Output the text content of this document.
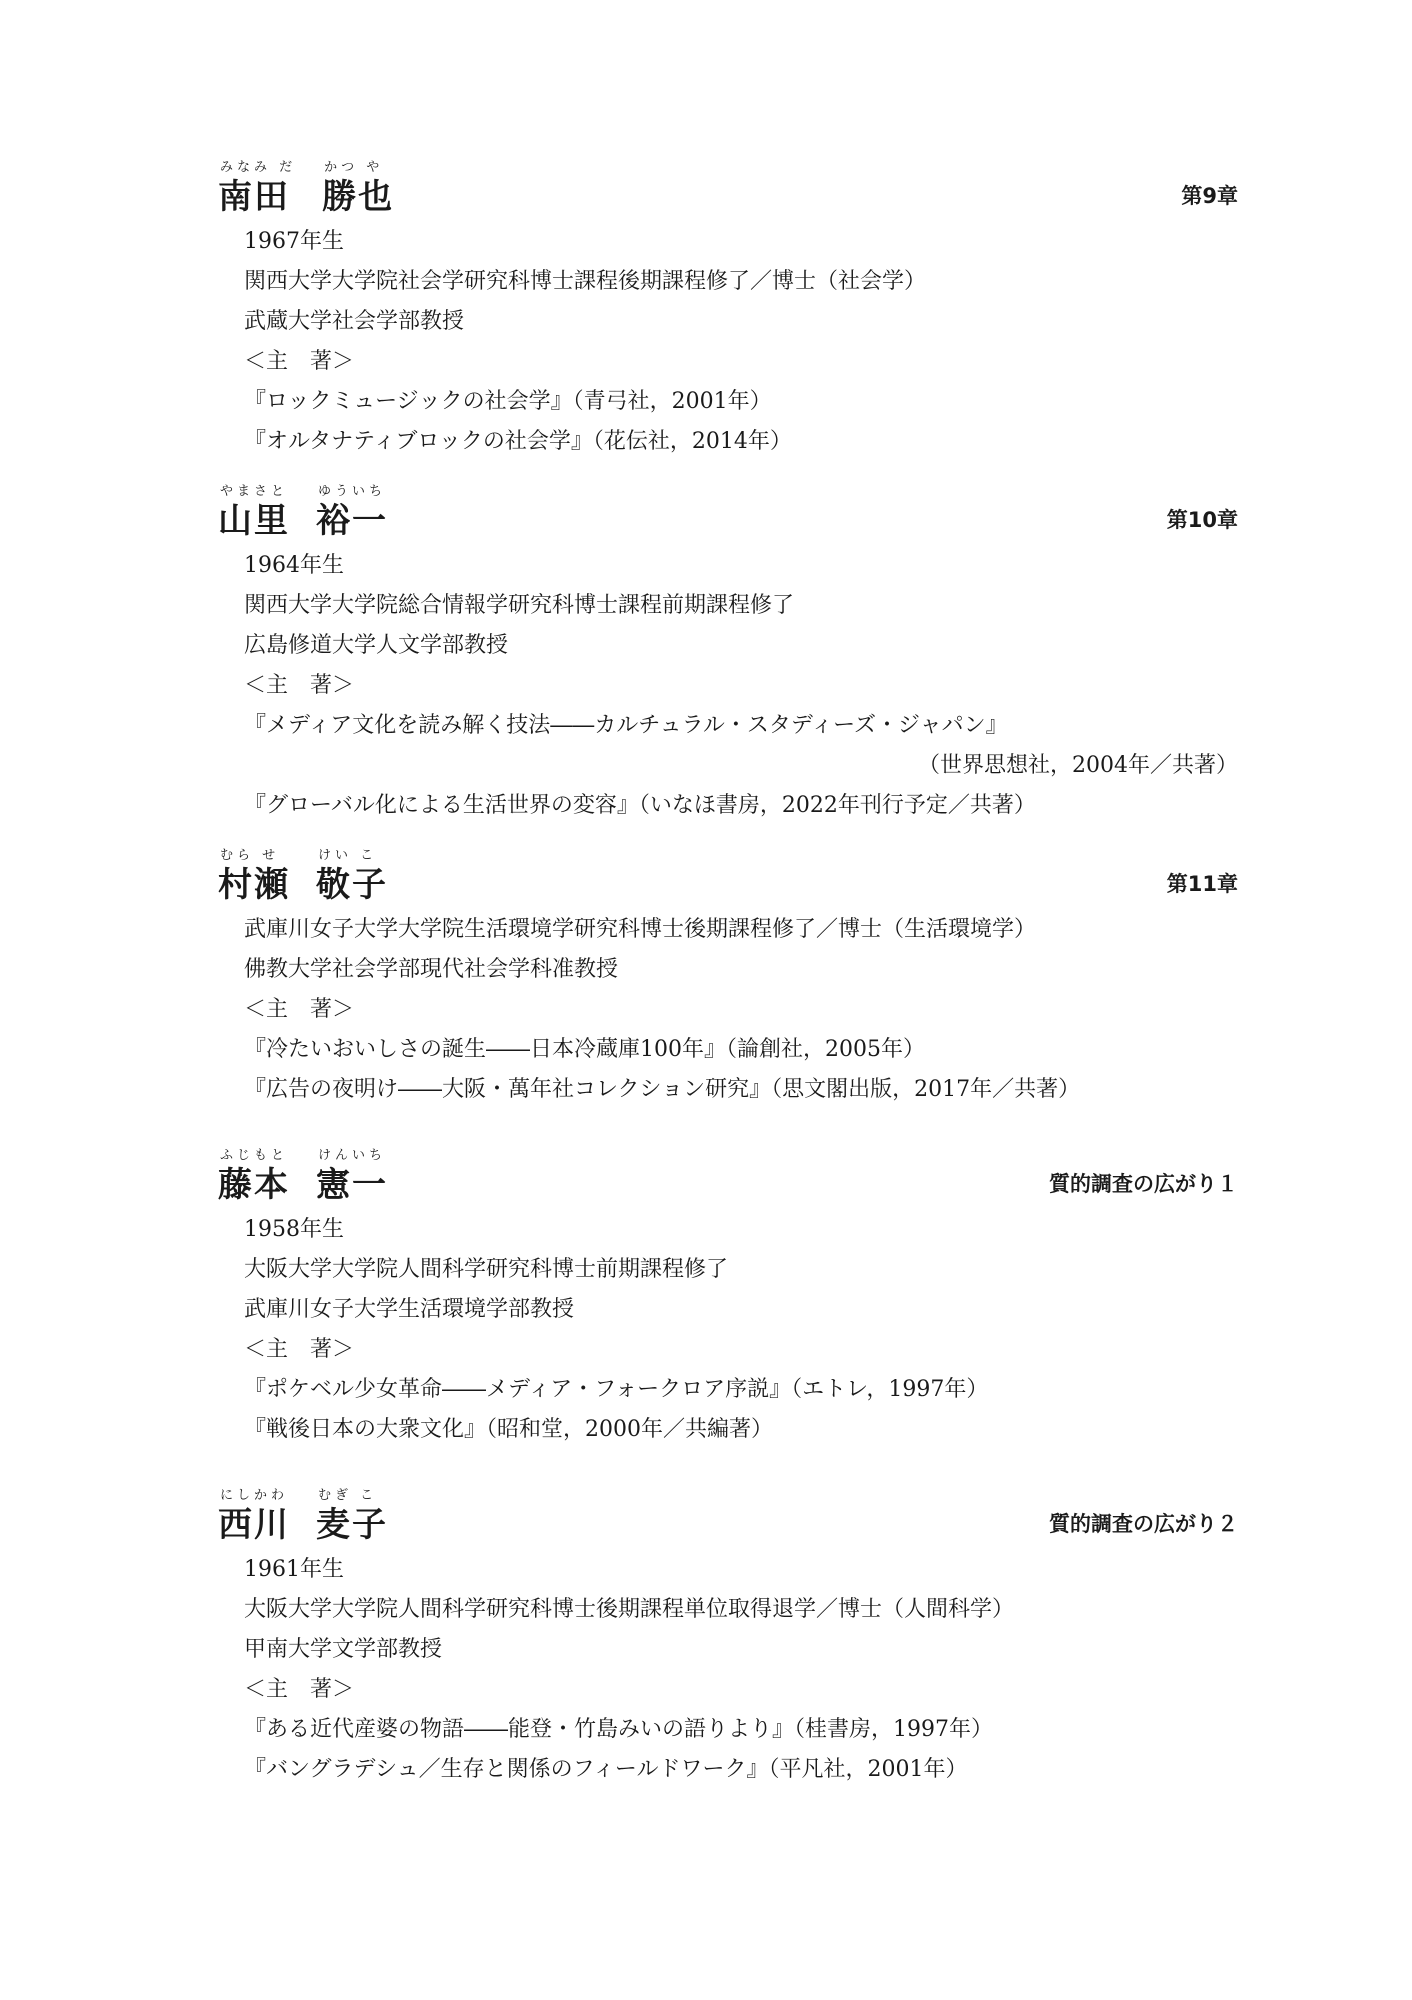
みなみ だ
南田
かつ や
勝也	第9章
1967年生
関西大学大学院社会学研究科博士課程後期課程修了／博士（社会学）
武蔵大学社会学部教授
＜主　著＞
『ロックミュージックの社会学』（青弓社，2001年）
『オルタナティブロックの社会学』（花伝社，2014年）
やまさと
山里
ゆういち
裕一	第10章
1964年生
関西大学大学院総合情報学研究科博士課程前期課程修了
広島修道大学人文学部教授
＜主　著＞
『メディア文化を読み解く技法――カルチュラル・スタディーズ・ジャパン』
（世界思想社，2004年／共著）
『グローバル化による生活世界の変容』（いなほ書房，2022年刊行予定／共著）
むら せ
村瀬
けい こ
敬子	第11章
武庫川女子大学大学院生活環境学研究科博士後期課程修了／博士（生活環境学）
佛教大学社会学部現代社会学科准教授
＜主　著＞
『冷たいおいしさの誕生――日本冷蔵庫100年』（論創社，2005年）
『広告の夜明け――大阪・萬年社コレクション研究』（思文閣出版，2017年／共著）
ふじもと
藤本
けんいち
憲一	質的調査の広がり１
1958年生
大阪大学大学院人間科学研究科博士前期課程修了
武庫川女子大学生活環境学部教授
＜主　著＞
『ポケベル少女革命――メディア・フォークロア序説』（エトレ，1997年）
『戦後日本の大衆文化』（昭和堂，2000年／共編著）
にしかわ
西川
むぎ こ
麦子	質的調査の広がり２
1961年生
大阪大学大学院人間科学研究科博士後期課程単位取得退学／博士（人間科学）
甲南大学文学部教授
＜主　著＞
『ある近代産婆の物語――能登・竹島みいの語りより』（桂書房，1997年）
『バングラデシュ／生存と関係のフィールドワーク』（平凡社，2001年）
